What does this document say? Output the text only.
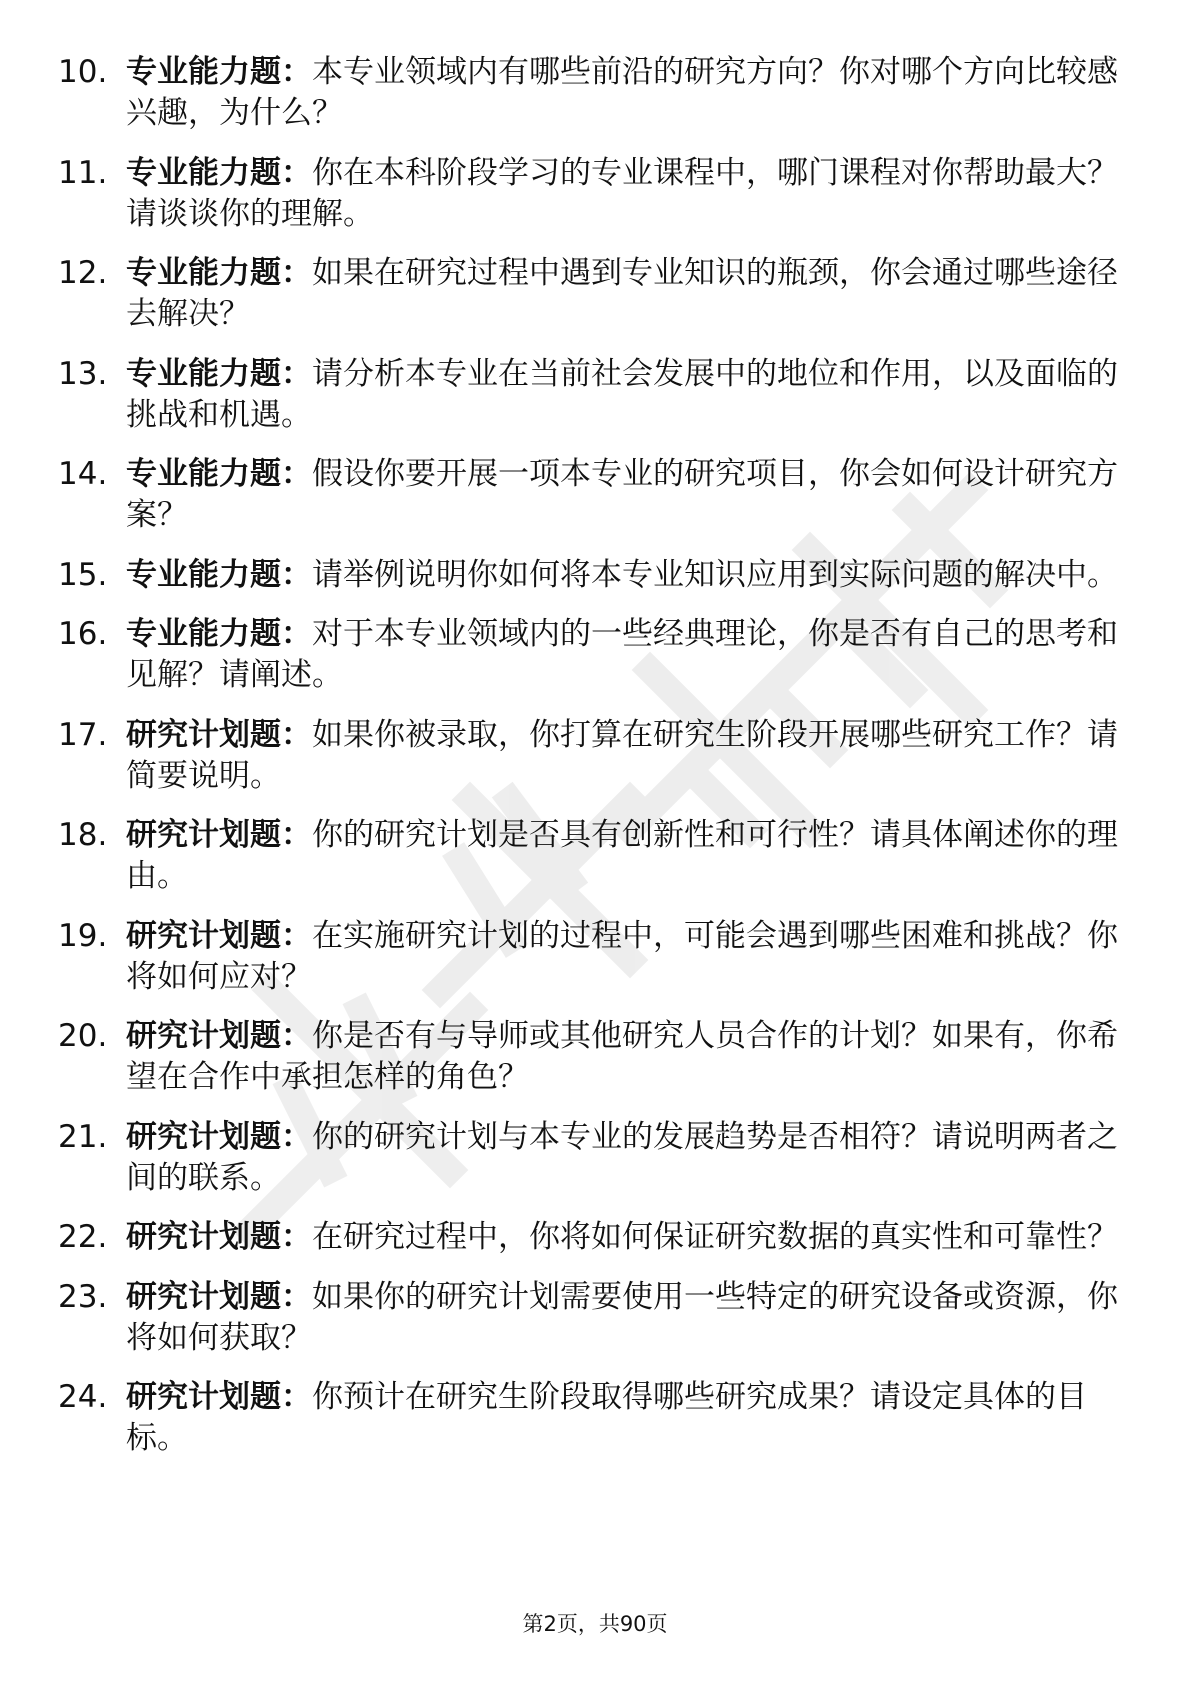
10. 专业能力题：本专业领域内有哪些前沿的研究方向？你对哪个方向比较感兴趣，为什么？
11. 专业能力题：你在本科阶段学习的专业课程中，哪门课程对你帮助最大？请谈谈你的理解。
12. 专业能力题：如果在研究过程中遇到专业知识的瓶颈，你会通过哪些途径去解决？
13. 专业能力题：请分析本专业在当前社会发展中的地位和作用，以及面临的挑战和机遇。
14. 专业能力题：假设你要开展一项本专业的研究项目，你会如何设计研究方案？
15. 专业能力题：请举例说明你如何将本专业知识应用到实际问题的解决中。
16. 专业能力题：对于本专业领域内的一些经典理论，你是否有自己的思考和见解？请阐述。
17. 研究计划题：如果你被录取，你打算在研究生阶段开展哪些研究工作？请简要说明。
18. 研究计划题：你的研究计划是否具有创新性和可行性？请具体阐述你的理由。
19. 研究计划题：在实施研究计划的过程中，可能会遇到哪些困难和挑战？你将如何应对？
20. 研究计划题：你是否有与导师或其他研究人员合作的计划？如果有，你希望在合作中承担怎样的角色？
21. 研究计划题：你的研究计划与本专业的发展趋势是否相符？请说明两者之间的联系。
22. 研究计划题：在研究过程中，你将如何保证研究数据的真实性和可靠性？
23. 研究计划题：如果你的研究计划需要使用一些特定的研究设备或资源，你将如何获取？
24. 研究计划题：你预计在研究生阶段取得哪些研究成果？请设定具体的目标。
第2页，共90页
